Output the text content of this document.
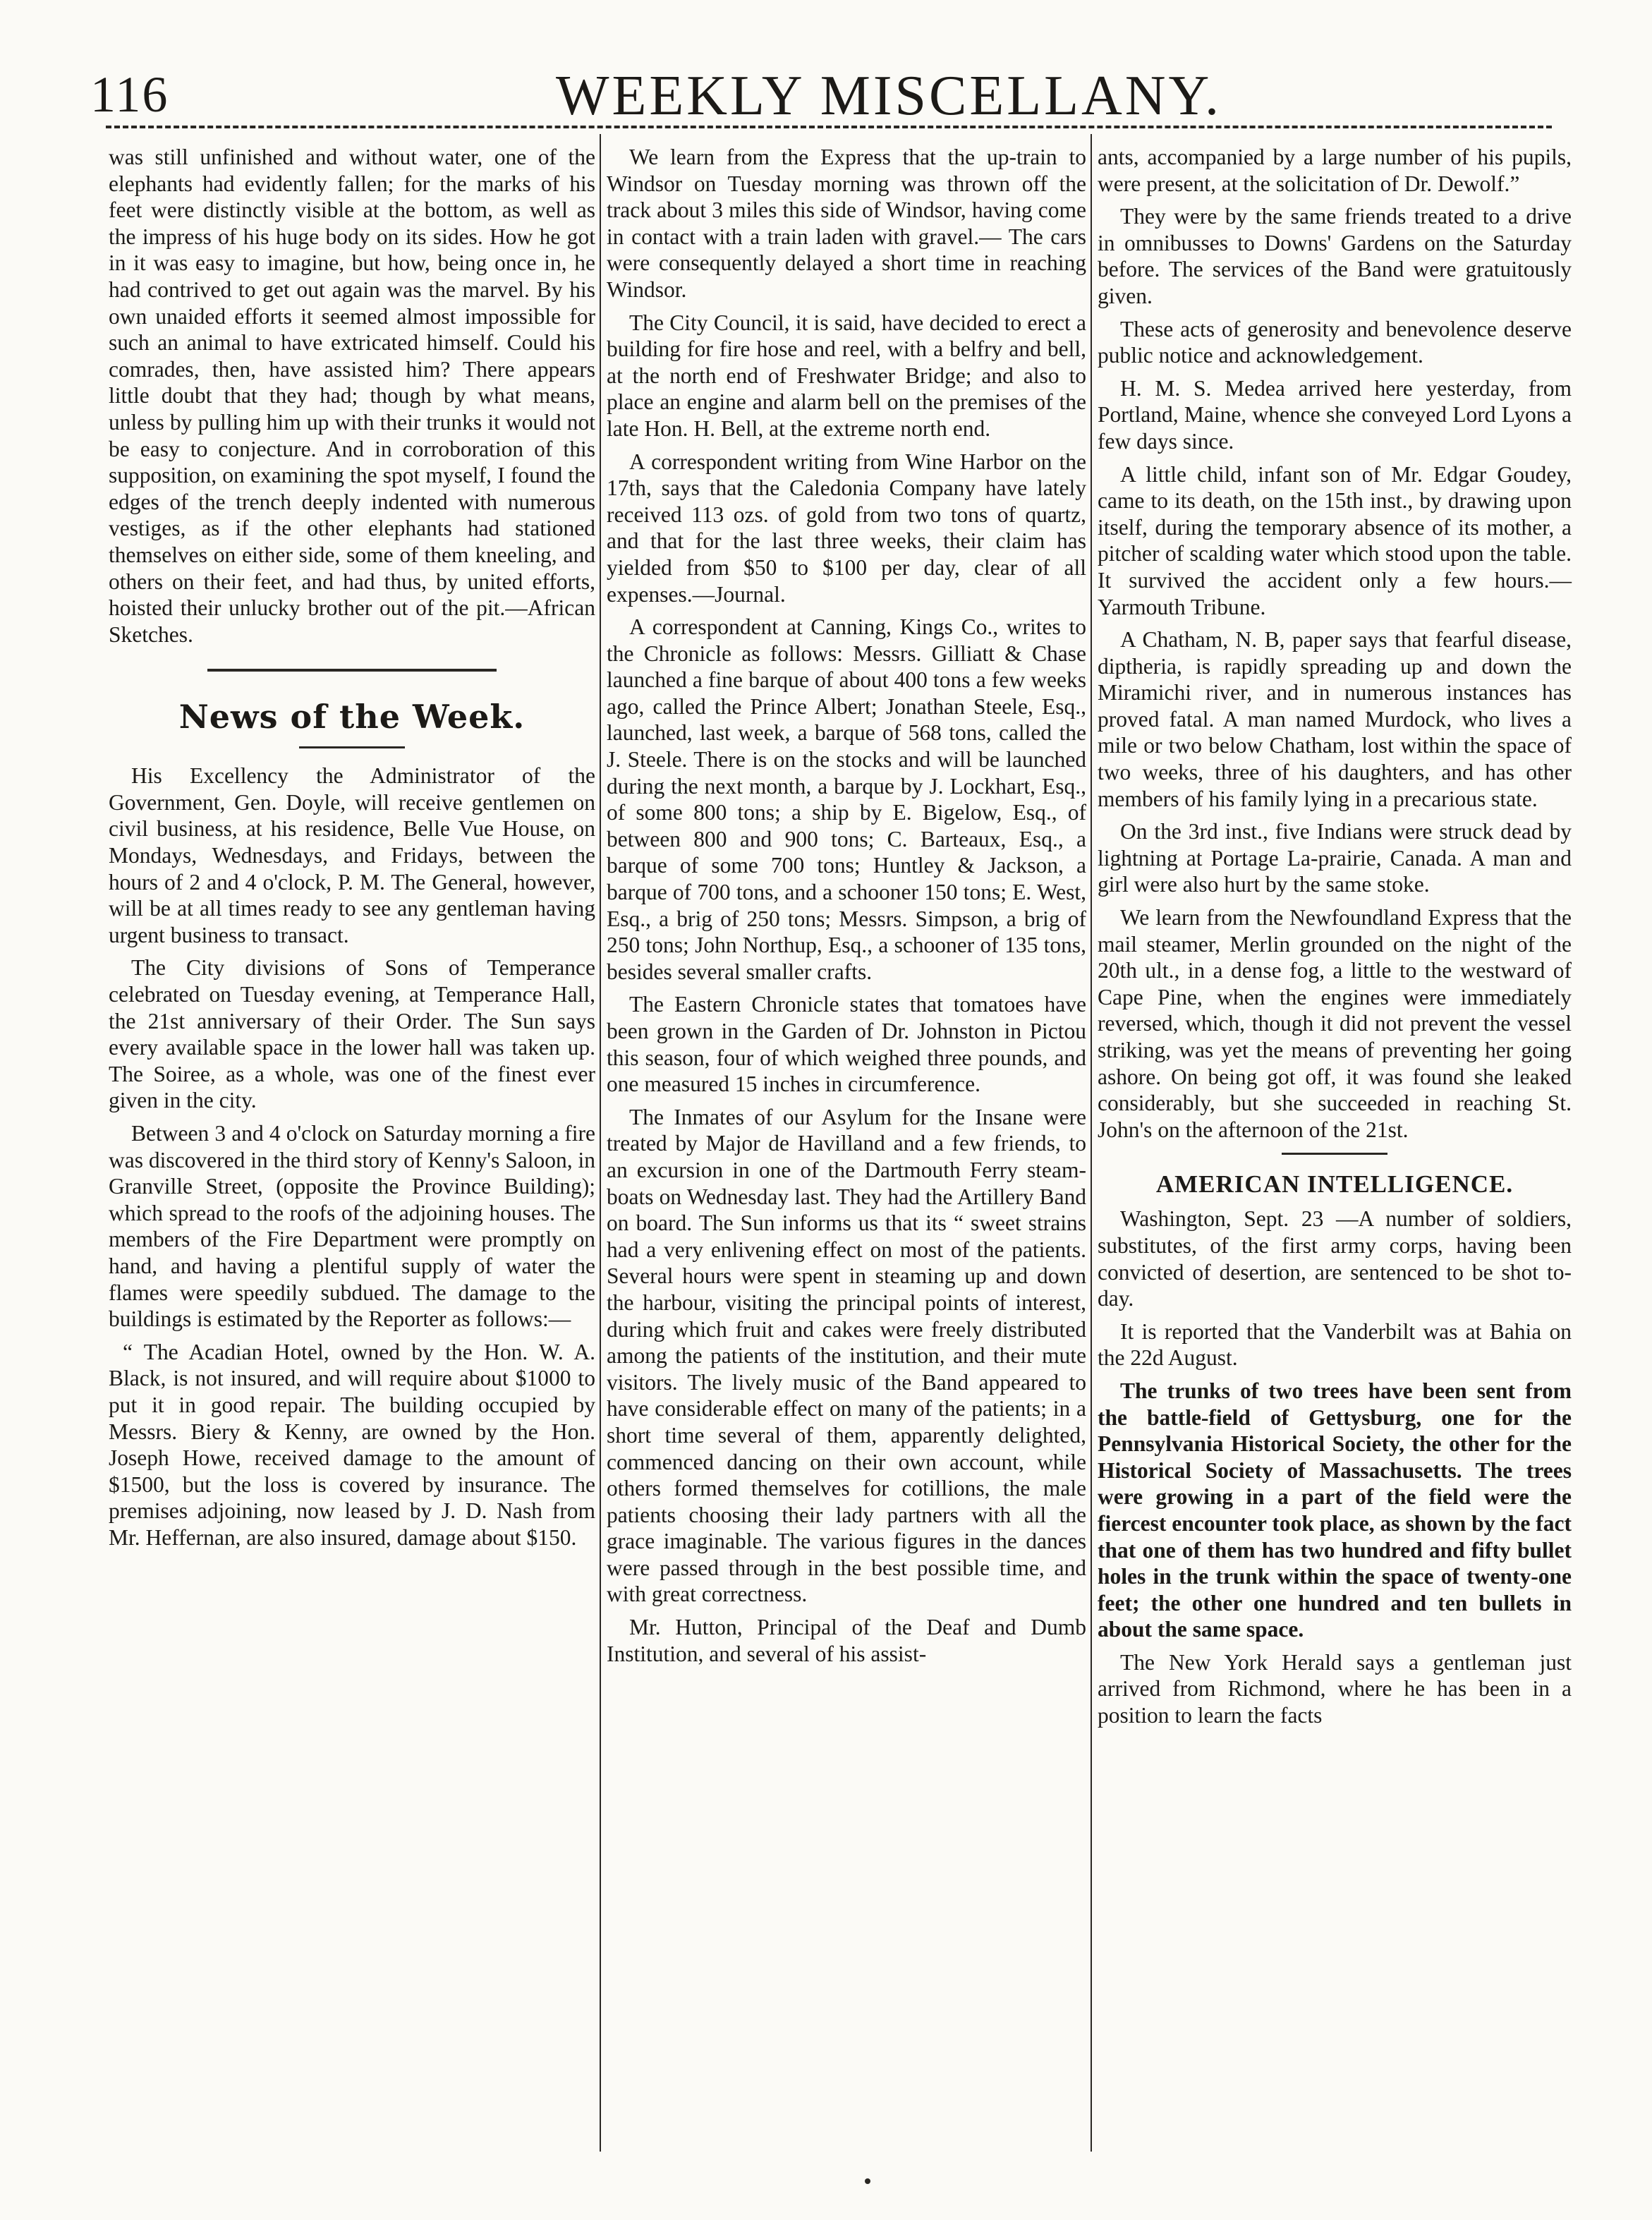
116	WEEKLY MISCELLANY.

was still unfinished and without water, one of the elephants had evidently fallen; for the marks of his feet were distinctly visible at the bottom, as well as the impress of his huge body on its sides. How he got in it was easy to imagine, but how, being once in, he had contrived to get out again was the marvel. By his own unaided efforts it seemed almost impossible for such an animal to have extricated himself. Could his comrades, then, have assisted him? There appears little doubt that they had; though by what means, unless by pulling him up with their trunks it would not be easy to conjecture. And in corroboration of this supposition, on examining the spot myself, I found the edges of the trench deeply indented with numerous vestiges, as if the other elephants had stationed themselves on either side, some of them kneeling, and others on their feet, and had thus, by united efforts, hoisted their unlucky brother out of the pit.—African Sketches.

News of the Week.

His Excellency the Administrator of the Government, Gen. Doyle, will receive gentlemen on civil business, at his residence, Belle Vue House, on Mondays, Wednesdays, and Fridays, between the hours of 2 and 4 o'clock, P. M. The General, however, will be at all times ready to see any gentleman having urgent business to transact.

The City divisions of Sons of Temperance celebrated on Tuesday evening, at Temperance Hall, the 21st anniversary of their Order. The Sun says every available space in the lower hall was taken up. The Soiree, as a whole, was one of the finest ever given in the city.

Between 3 and 4 o'clock on Saturday morning a fire was discovered in the third story of Kenny's Saloon, in Granville Street, (opposite the Province Building); which spread to the roofs of the adjoining houses. The members of the Fire Department were promptly on hand, and having a plentiful supply of water the flames were speedily subdued. The damage to the buildings is estimated by the Reporter as follows:—

“ The Acadian Hotel, owned by the Hon. W. A. Black, is not insured, and will require about $1000 to put it in good repair. The building occupied by Messrs. Biery & Kenny, are owned by the Hon. Joseph Howe, received damage to the amount of $1500, but the loss is covered by insurance. The premises adjoining, now leased by J. D. Nash from Mr. Heffernan, are also insured, damage about $150.

We learn from the Express that the up-train to Windsor on Tuesday morning was thrown off the track about 3 miles this side of Windsor, having come in contact with a train laden with gravel.— The cars were consequently delayed a short time in reaching Windsor.

The City Council, it is said, have decided to erect a building for fire hose and reel, with a belfry and bell, at the north end of Freshwater Bridge; and also to place an engine and alarm bell on the premises of the late Hon. H. Bell, at the extreme north end.

A correspondent writing from Wine Harbor on the 17th, says that the Caledonia Company have lately received 113 ozs. of gold from two tons of quartz, and that for the last three weeks, their claim has yielded from $50 to $100 per day, clear of all expenses.—Journal.

A correspondent at Canning, Kings Co., writes to the Chronicle as follows: Messrs. Gilliatt & Chase launched a fine barque of about 400 tons a few weeks ago, called the Prince Albert; Jonathan Steele, Esq., launched, last week, a barque of 568 tons, called the J. Steele. There is on the stocks and will be launched during the next month, a barque by J. Lockhart, Esq., of some 800 tons; a ship by E. Bigelow, Esq., of between 800 and 900 tons; C. Barteaux, Esq., a barque of some 700 tons; Huntley & Jackson, a barque of 700 tons, and a schooner 150 tons; E. West, Esq., a brig of 250 tons; Messrs. Simpson, a brig of 250 tons; John Northup, Esq., a schooner of 135 tons, besides several smaller crafts.

The Eastern Chronicle states that tomatoes have been grown in the Garden of Dr. Johnston in Pictou this season, four of which weighed three pounds, and one measured 15 inches in circumference.

The Inmates of our Asylum for the Insane were treated by Major de Havilland and a few friends, to an excursion in one of the Dartmouth Ferry steam-boats on Wednesday last. They had the Artillery Band on board. The Sun informs us that its “ sweet strains had a very enlivening effect on most of the patients. Several hours were spent in steaming up and down the harbour, visiting the principal points of interest, during which fruit and cakes were freely distributed among the patients of the institution, and their mute visitors. The lively music of the Band appeared to have considerable effect on many of the patients; in a short time several of them, apparently delighted, commenced dancing on their own account, while others formed themselves for cotillions, the male patients choosing their lady partners with all the grace imaginable. The various figures in the dances were passed through in the best possible time, and with great correctness.

Mr. Hutton, Principal of the Deaf and Dumb Institution, and several of his assist-

ants, accompanied by a large number of his pupils, were present, at the solicitation of Dr. Dewolf.”

They were by the same friends treated to a drive in omnibusses to Downs' Gardens on the Saturday before. The services of the Band were gratuitously given.

These acts of generosity and benevolence deserve public notice and acknowledgement.

H. M. S. Medea arrived here yesterday, from Portland, Maine, whence she conveyed Lord Lyons a few days since.

A little child, infant son of Mr. Edgar Goudey, came to its death, on the 15th inst., by drawing upon itself, during the temporary absence of its mother, a pitcher of scalding water which stood upon the table. It survived the accident only a few hours.—Yarmouth Tribune.

A Chatham, N. B, paper says that fearful disease, diptheria, is rapidly spreading up and down the Miramichi river, and in numerous instances has proved fatal. A man named Murdock, who lives a mile or two below Chatham, lost within the space of two weeks, three of his daughters, and has other members of his family lying in a precarious state.

On the 3rd inst., five Indians were struck dead by lightning at Portage La-prairie, Canada. A man and girl were also hurt by the same stoke.

We learn from the Newfoundland Express that the mail steamer, Merlin grounded on the night of the 20th ult., in a dense fog, a little to the westward of Cape Pine, when the engines were immediately reversed, which, though it did not prevent the vessel striking, was yet the means of preventing her going ashore. On being got off, it was found she leaked considerably, but she succeeded in reaching St. John's on the afternoon of the 21st.

AMERICAN INTELLIGENCE.

Washington, Sept. 23 —A number of soldiers, substitutes, of the first army corps, having been convicted of desertion, are sentenced to be shot to-day.

It is reported that the Vanderbilt was at Bahia on the 22d August.

The trunks of two trees have been sent from the battle-field of Gettysburg, one for the Pennsylvania Historical Society, the other for the Historical Society of Massachusetts. The trees were growing in a part of the field were the fiercest encounter took place, as shown by the fact that one of them has two hundred and fifty bullet holes in the trunk within the space of twenty-one feet; the other one hundred and ten bullets in about the same space.

The New York Herald says a gentleman just arrived from Richmond, where he has been in a position to learn the facts
